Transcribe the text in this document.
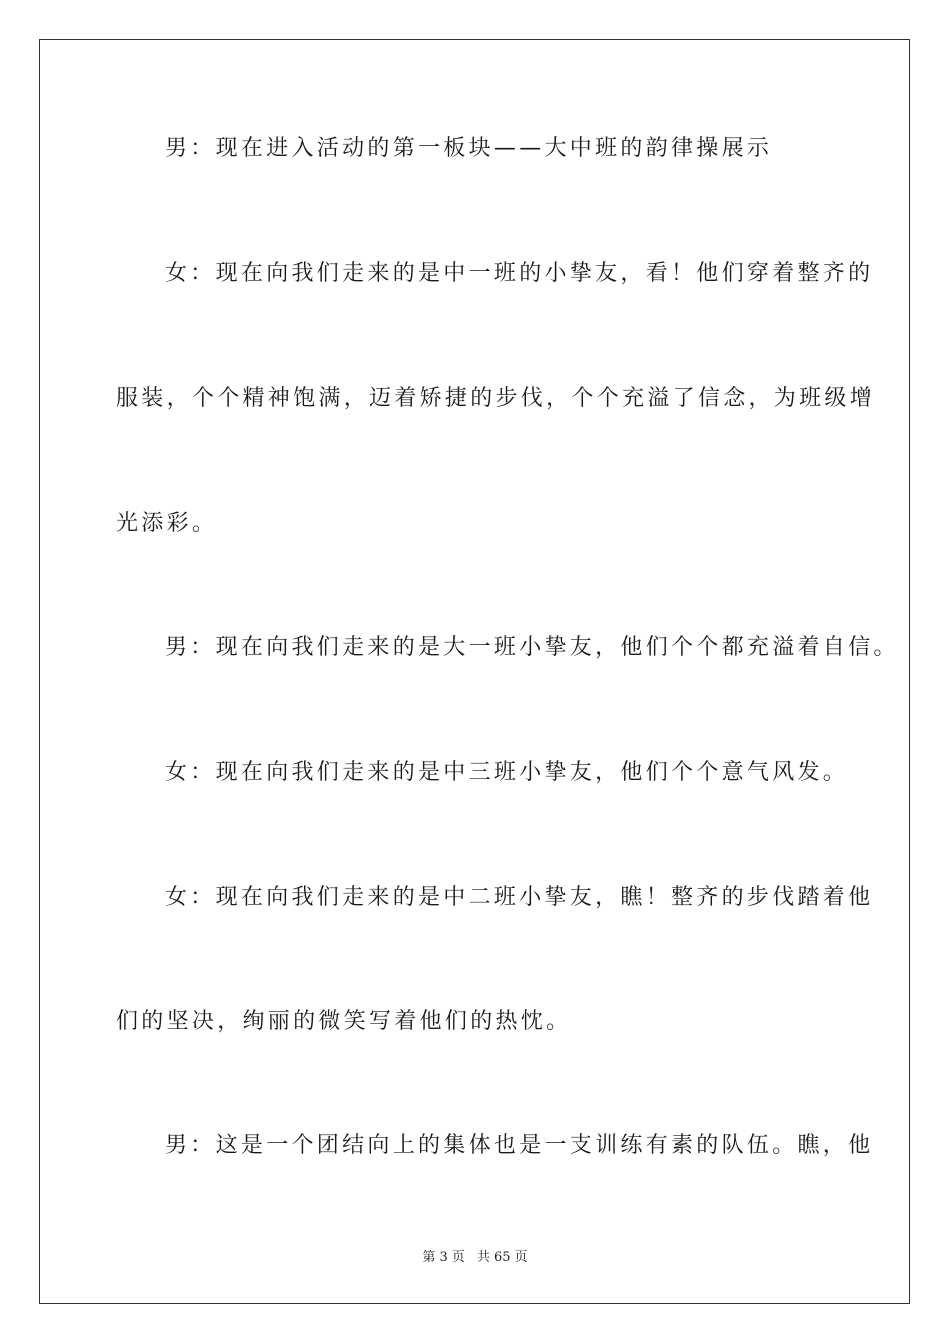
男：现在进入活动的第一板块——大中班的韵律操展示
女：现在向我们走来的是中一班的小挚友，看！他们穿着整齐的
服装，个个精神饱满，迈着矫捷的步伐，个个充溢了信念，为班级增
光添彩。
男：现在向我们走来的是大一班小挚友，他们个个都充溢着自信。
女：现在向我们走来的是中三班小挚友，他们个个意气风发。
女：现在向我们走来的是中二班小挚友，瞧！整齐的步伐踏着他
们的坚决，绚丽的微笑写着他们的热忱。
男：这是一个团结向上的集体也是一支训练有素的队伍。瞧，他
第 3 页 共 65 页
